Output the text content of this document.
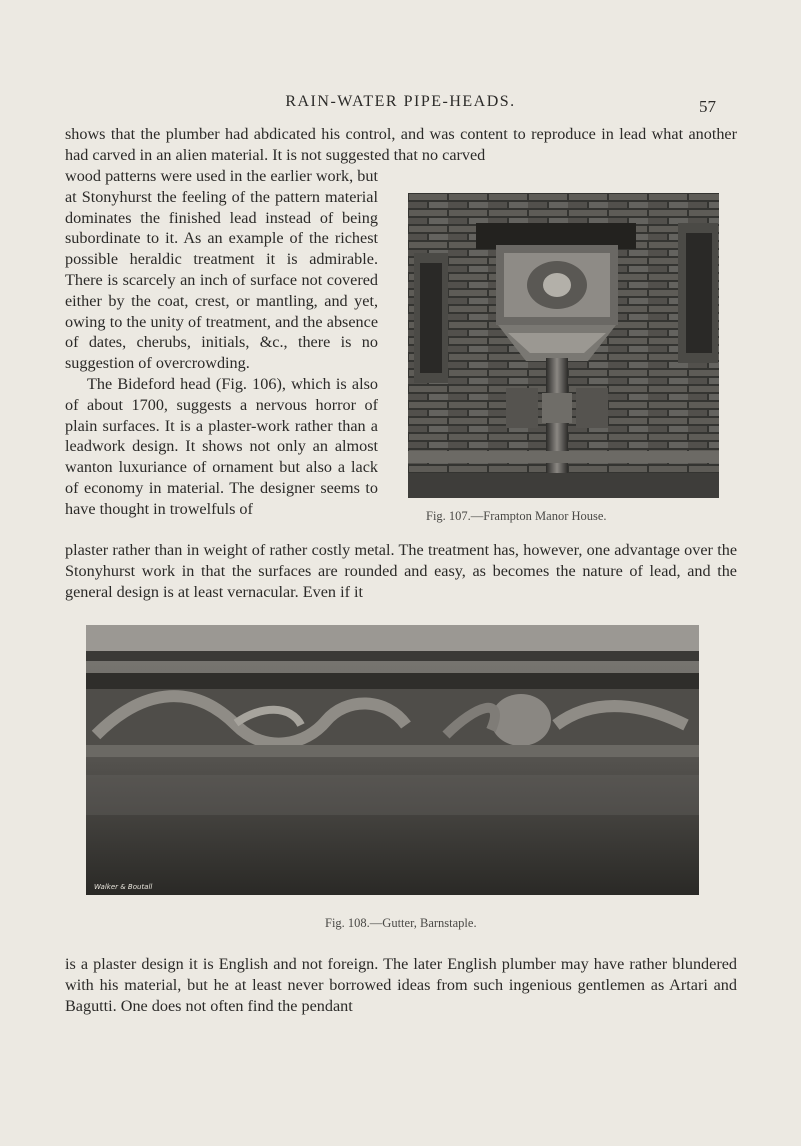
RAIN-WATER PIPE-HEADS.	57

shows that the plumber had abdicated his control, and was content to reproduce in lead what another had carved in an alien material. It is not suggested that no carved

wood patterns were used in the earlier work, but at Stonyhurst the feeling of the pattern material dominates the finished lead instead of being subordinate to it. As an example of the richest possible heraldic treatment it is admirable. There is scarcely an inch of surface not covered either by the coat, crest, or mantling, and yet, owing to the unity of treatment, and the absence of dates, cherubs, initials, &c., there is no suggestion of overcrowding.

The Bideford head (Fig. 106), which is also of about 1700, suggests a nervous horror of plain surfaces. It is a plaster-work rather than a leadwork design. It shows not only an almost wanton luxuriance of ornament but also a lack of economy in material. The designer seems to have thought in trowelfuls of

plaster rather than in weight of rather costly metal. The treatment has, however, one advantage over the Stonyhurst work in that the surfaces are rounded and easy, as becomes the nature of lead, and the general design is at least vernacular. Even if it

Fig. 107.—Frampton Manor House.
Walker & Boutall
Fig. 108.—Gutter, Barnstaple.

is a plaster design it is English and not foreign. The later English plumber may have rather blundered with his material, but he at least never borrowed ideas from such ingenious gentlemen as Artari and Bagutti. One does not often find the pendant
